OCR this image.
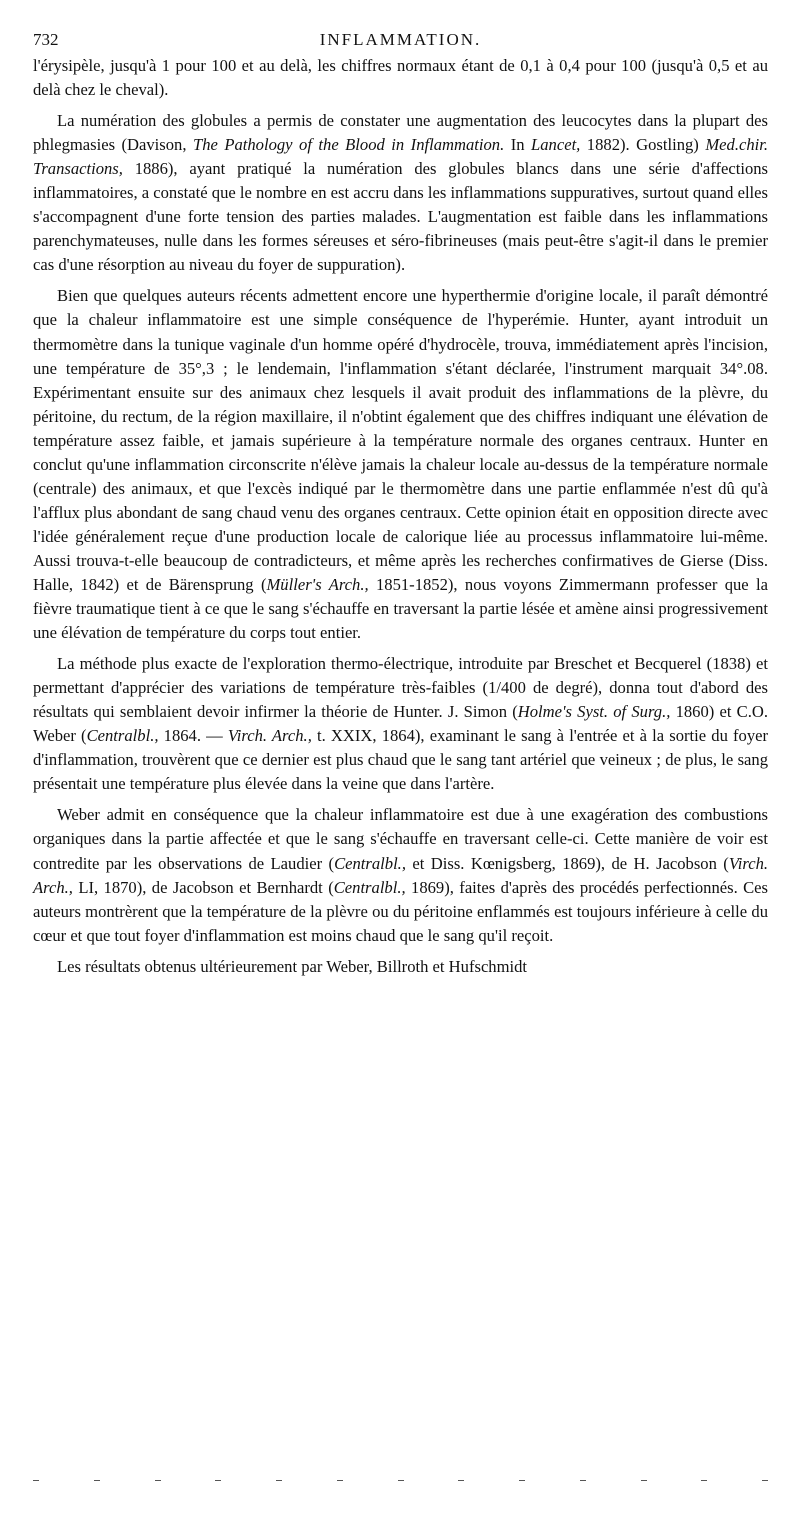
732	INFLAMMATION.

l'érysipèle, jusqu'à 1 pour 100 et au delà, les chiffres normaux étant de 0,1 à 0,4 pour 100 (jusqu'à 0,5 et au delà chez le cheval).

La numération des globules a permis de constater une augmentation des leucocytes dans la plupart des phlegmasies (Davison, The Pathology of the Blood in Inflammation. In Lancet, 1882). Gostling) Med.chir. Transactions, 1886), ayant pratiqué la numération des globules blancs dans une série d'affections inflammatoires, a constaté que le nombre en est accru dans les inflammations suppuratives, surtout quand elles s'accompagnent d'une forte tension des parties malades. L'augmentation est faible dans les inflammations parenchymateuses, nulle dans les formes séreuses et séro-fibrineuses (mais peut-être s'agit-il dans le premier cas d'une résorption au niveau du foyer de suppuration).

Bien que quelques auteurs récents admettent encore une hyperthermie d'origine locale, il paraît démontré que la chaleur inflammatoire est une simple conséquence de l'hyperémie. Hunter, ayant introduit un thermomètre dans la tunique vaginale d'un homme opéré d'hydrocèle, trouva, immédiatement après l'incision, une température de 35°,3 ; le lendemain, l'inflammation s'étant déclarée, l'instrument marquait 34°.08. Expérimentant ensuite sur des animaux chez lesquels il avait produit des inflammations de la plèvre, du péritoine, du rectum, de la région maxillaire, il n'obtint également que des chiffres indiquant une élévation de température assez faible, et jamais supérieure à la température normale des organes centraux. Hunter en conclut qu'une inflammation circonscrite n'élève jamais la chaleur locale au-dessus de la température normale (centrale) des animaux, et que l'excès indiqué par le thermomètre dans une partie enflammée n'est dû qu'à l'afflux plus abondant de sang chaud venu des organes centraux. Cette opinion était en opposition directe avec l'idée généralement reçue d'une production locale de calorique liée au processus inflammatoire lui-même. Aussi trouva-t-elle beaucoup de contradicteurs, et même après les recherches confirmatives de Gierse (Diss. Halle, 1842) et de Bärensprung (Müller's Arch., 1851-1852), nous voyons Zimmermann professer que la fièvre traumatique tient à ce que le sang s'échauffe en traversant la partie lésée et amène ainsi progressivement une élévation de température du corps tout entier.

La méthode plus exacte de l'exploration thermo-électrique, introduite par Breschet et Becquerel (1838) et permettant d'apprécier des variations de température très-faibles (1/400 de degré), donna tout d'abord des résultats qui semblaient devoir infirmer la théorie de Hunter. J. Simon (Holme's Syst. of Surg., 1860) et C.O. Weber (Centralbl., 1864. — Virch. Arch., t. XXIX, 1864), examinant le sang à l'entrée et à la sortie du foyer d'inflammation, trouvèrent que ce dernier est plus chaud que le sang tant artériel que veineux ; de plus, le sang présentait une température plus élevée dans la veine que dans l'artère.

Weber admit en conséquence que la chaleur inflammatoire est due à une exagération des combustions organiques dans la partie affectée et que le sang s'échauffe en traversant celle-ci. Cette manière de voir est contredite par les observations de Laudier (Centralbl., et Diss. Kœnigsberg, 1869), de H. Jacobson (Virch. Arch., LI, 1870), de Jacobson et Bernhardt (Centralbl., 1869), faites d'après des procédés perfectionnés. Ces auteurs montrèrent que la température de la plèvre ou du péritoine enflammés est toujours inférieure à celle du cœur et que tout foyer d'inflammation est moins chaud que le sang qu'il reçoit.

Les résultats obtenus ultérieurement par Weber, Billroth et Hufschmidt
